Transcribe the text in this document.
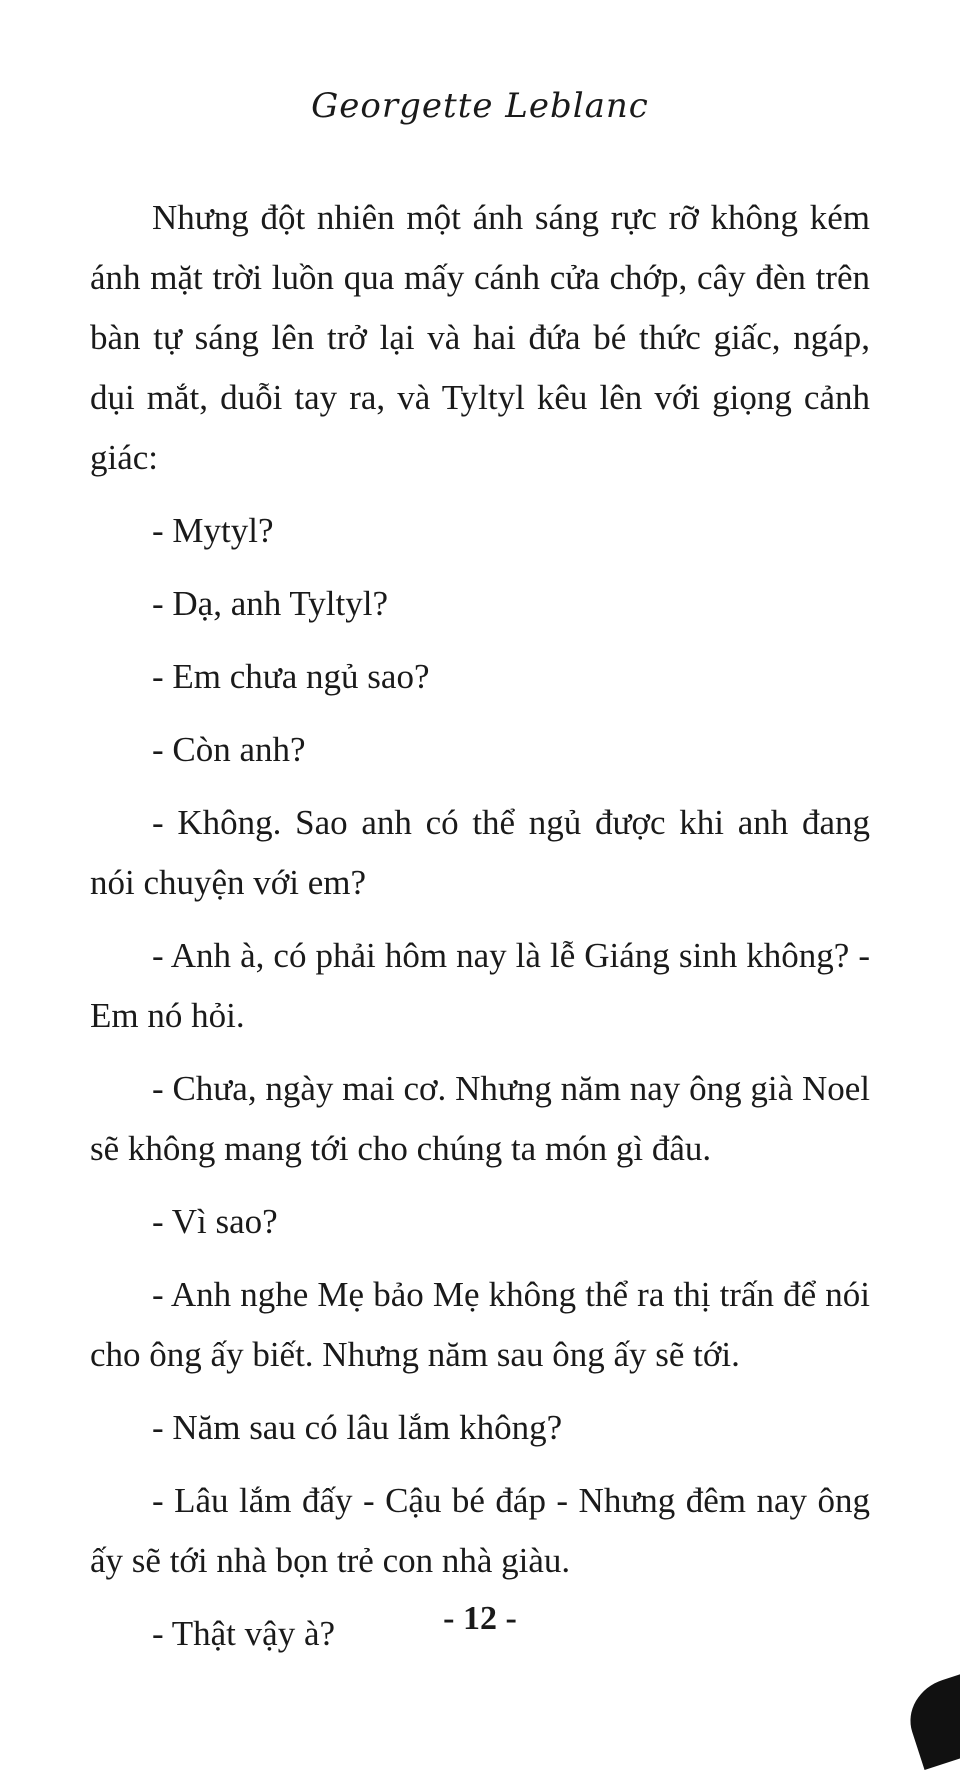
Georgette Leblanc

Nhưng đột nhiên một ánh sáng rực rỡ không kém ánh mặt trời luồn qua mấy cánh cửa chớp, cây đèn trên bàn tự sáng lên trở lại và hai đứa bé thức giấc, ngáp, dụi mắt, duỗi tay ra, và Tyltyl kêu lên với giọng cảnh giác:

- Mytyl?

- Dạ, anh Tyltyl?

- Em chưa ngủ sao?

- Còn anh?

- Không. Sao anh có thể ngủ được khi anh đang nói chuyện với em?

- Anh à, có phải hôm nay là lễ Giáng sinh không? - Em nó hỏi.

- Chưa, ngày mai cơ. Nhưng năm nay ông già Noel sẽ không mang tới cho chúng ta món gì đâu.

- Vì sao?

- Anh nghe Mẹ bảo Mẹ không thể ra thị trấn để nói cho ông ấy biết. Nhưng năm sau ông ấy sẽ tới.

- Năm sau có lâu lắm không?

- Lâu lắm đấy - Cậu bé đáp - Nhưng đêm nay ông ấy sẽ tới nhà bọn trẻ con nhà giàu.

- Thật vậy à?	- 12 -
